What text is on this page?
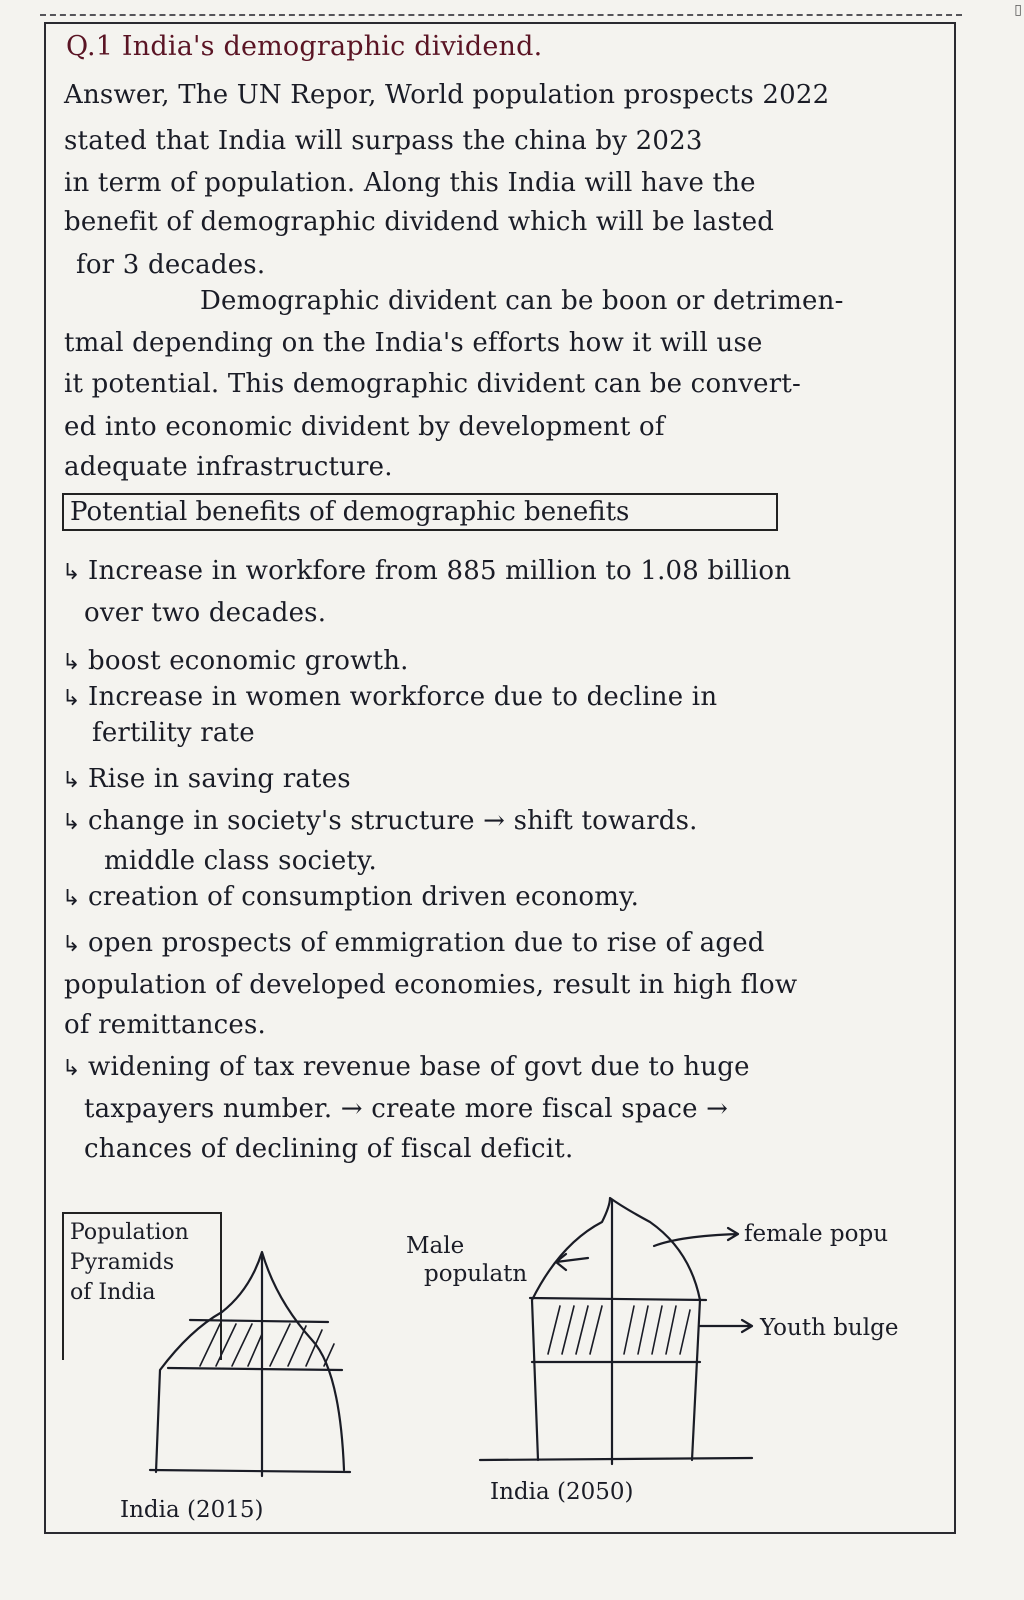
▯
Q.1 India's demographic dividend.
Answer, The UN Repor, World population prospects 2022
stated that India will surpass the china by 2023
in term of population. Along this India will have the
benefit of demographic dividend which will be lasted
for 3 decades.
Demographic divident can be boon or detrimen-
tmal depending on the India's efforts how it will use
it potential. This demographic divident can be convert-
ed into economic divident by development of
adequate infrastructure.
Potential benefits of demographic benefits
↳ Increase in workfore from 885 million to 1.08 billion
over two decades.
↳ boost economic growth.
↳ Increase in women workforce due to decline in
fertility rate
↳ Rise in saving rates
↳ change in society's structure → shift towards.
middle class society.
↳ creation of consumption driven economy.
↳ open prospects of emmigration due to rise of aged
population of developed economies, result in high flow
of remittances.
↳ widening of tax revenue base of govt due to huge
taxpayers number. → create more fiscal space →
chances of declining of fiscal deficit.
Population
Pyramids
of India
Male
populatn
female popu
Youth bulge
India (2015)
India (2050)
